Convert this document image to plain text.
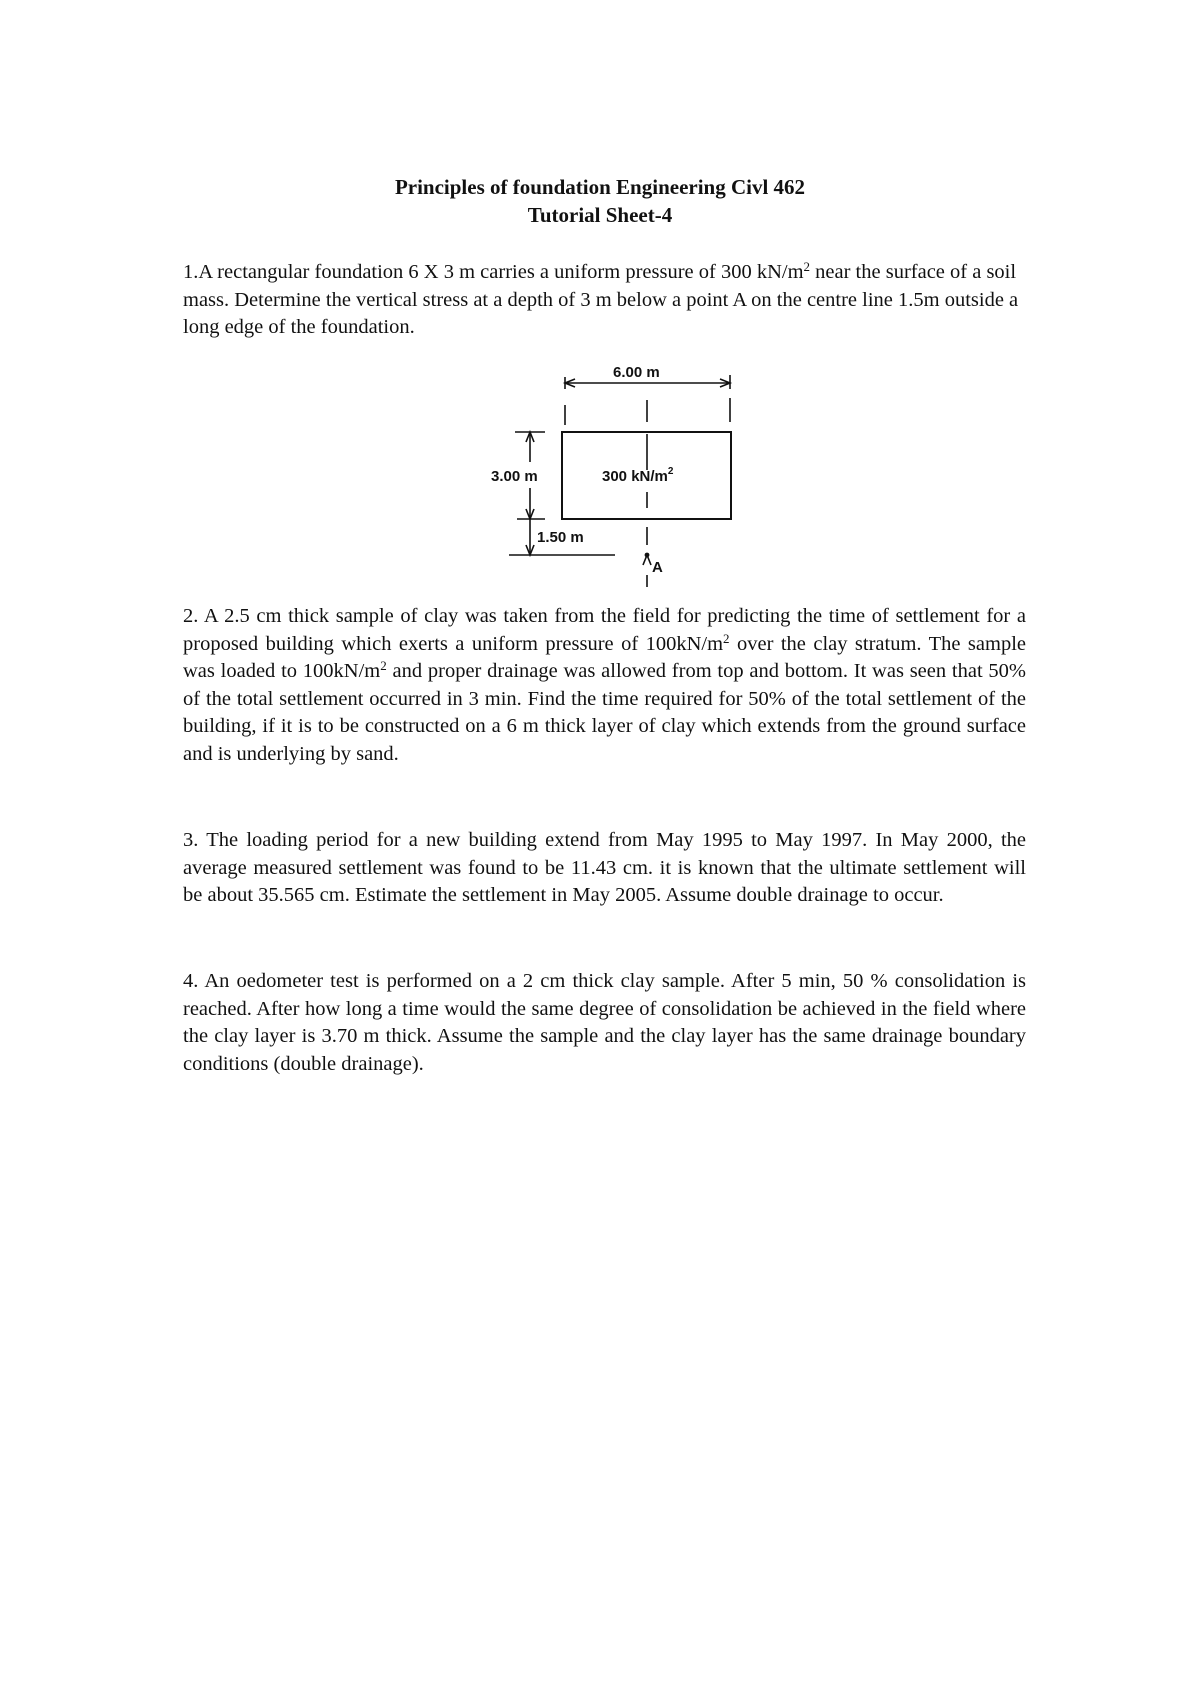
Principles of foundation Engineering Civl 462
Tutorial Sheet-4
1.A rectangular foundation 6 X 3 m carries a uniform pressure of 300 $kN/m^2$ near the surface of a soil mass. Determine the vertical stress at a depth of 3 m below a point A on the centre line 1.5m outside a long edge of the foundation.
6.00 m
3.00 m	300 $kN/m^2$
1.50 m
A

2. A 2.5 cm thick sample of clay was taken from the field for predicting the time of settlement for a proposed building which exerts a uniform pressure of $100kN/m^2$ over the clay stratum. The sample was loaded to $100kN/m^2$ and proper drainage was allowed from top and bottom. It was seen that 50% of the total settlement occurred in 3 min. Find the time required for 50% of the total settlement of the building, if it is to be constructed on a 6 m thick layer of clay which extends from the ground surface and is underlying by sand.

3. The loading period for a new building extend from May 1995 to May 1997. In May 2000, the average measured settlement was found to be 11.43 cm. it is known that the ultimate settlement will be about 35.565 cm. Estimate the settlement in May 2005. Assume double drainage to occur.

4. An oedometer test is performed on a 2 cm thick clay sample. After 5 min, 50 % consolidation is reached. After how long a time would the same degree of consolidation be achieved in the field where the clay layer is 3.70 m thick. Assume the sample and the clay layer has the same drainage boundary conditions (double drainage).
